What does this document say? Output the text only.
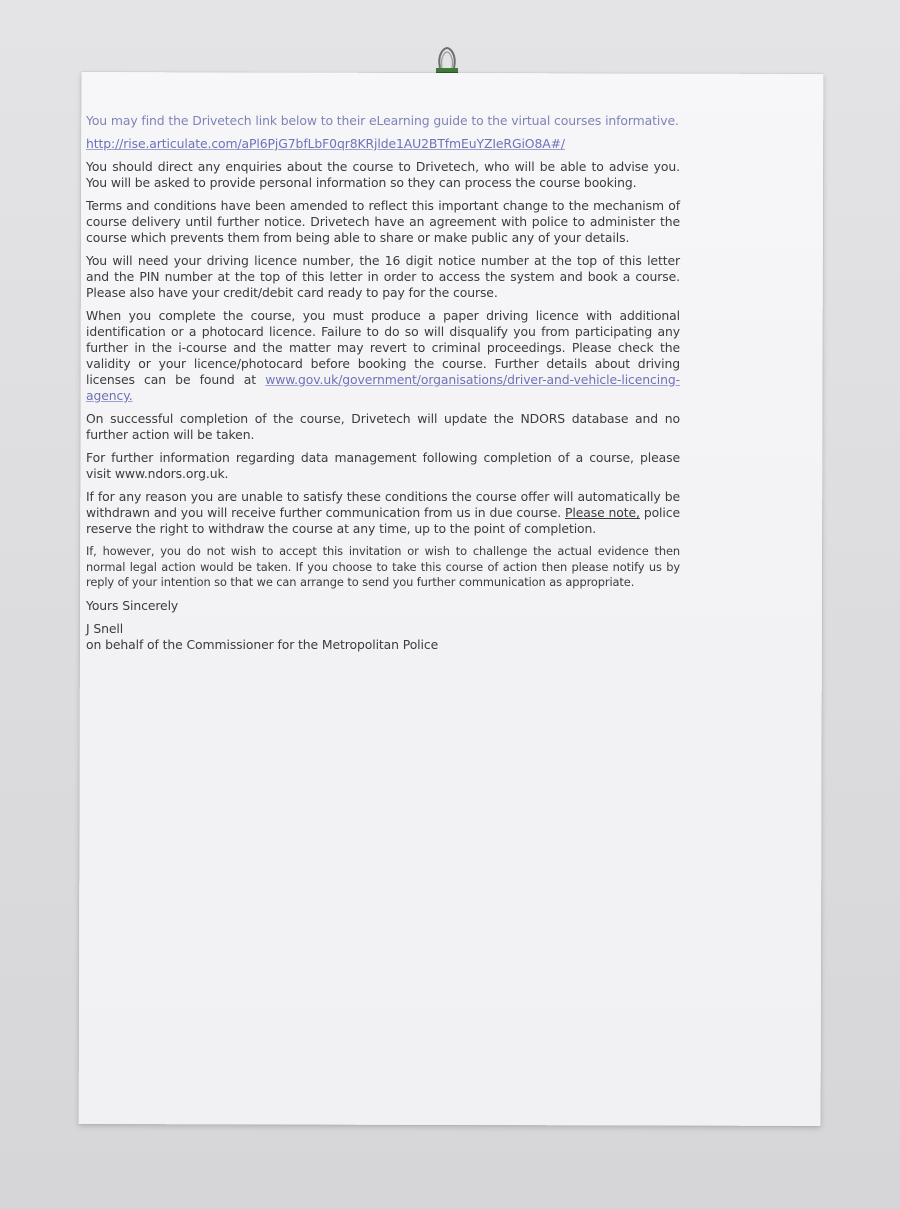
You may find the Drivetech link below to their eLearning guide to the virtual courses informative.

http://rise.articulate.com/aPl6PjG7bfLbF0qr8KRjlde1AU2BTfmEuYZIeRGiO8A#/

You should direct any enquiries about the course to Drivetech, who will be able to advise you. You will be asked to provide personal information so they can process the course booking.

Terms and conditions have been amended to reflect this important change to the mechanism of course delivery until further notice. Drivetech have an agreement with police to administer the course which prevents them from being able to share or make public any of your details.

You will need your driving licence number, the 16 digit notice number at the top of this letter and the PIN number at the top of this letter in order to access the system and book a course. Please also have your credit/debit card ready to pay for the course.

When you complete the course, you must produce a paper driving licence with additional identification or a photocard licence. Failure to do so will disqualify you from participating any further in the i-course and the matter may revert to criminal proceedings. Please check the validity or your licence/photocard before booking the course. Further details about driving licenses can be found at www.gov.uk/government/organisations/driver-and-vehicle-licencing-agency.

On successful completion of the course, Drivetech will update the NDORS database and no further action will be taken.

For further information regarding data management following completion of a course, please visit www.ndors.org.uk.

If for any reason you are unable to satisfy these conditions the course offer will automatically be withdrawn and you will receive further communication from us in due course. Please note, police reserve the right to withdraw the course at any time, up to the point of completion.

If, however, you do not wish to accept this invitation or wish to challenge the actual evidence then normal legal action would be taken. If you choose to take this course of action then please notify us by reply of your intention so that we can arrange to send you further communication as appropriate.

Yours Sincerely

J Snell
on behalf of the Commissioner for the Metropolitan Police
